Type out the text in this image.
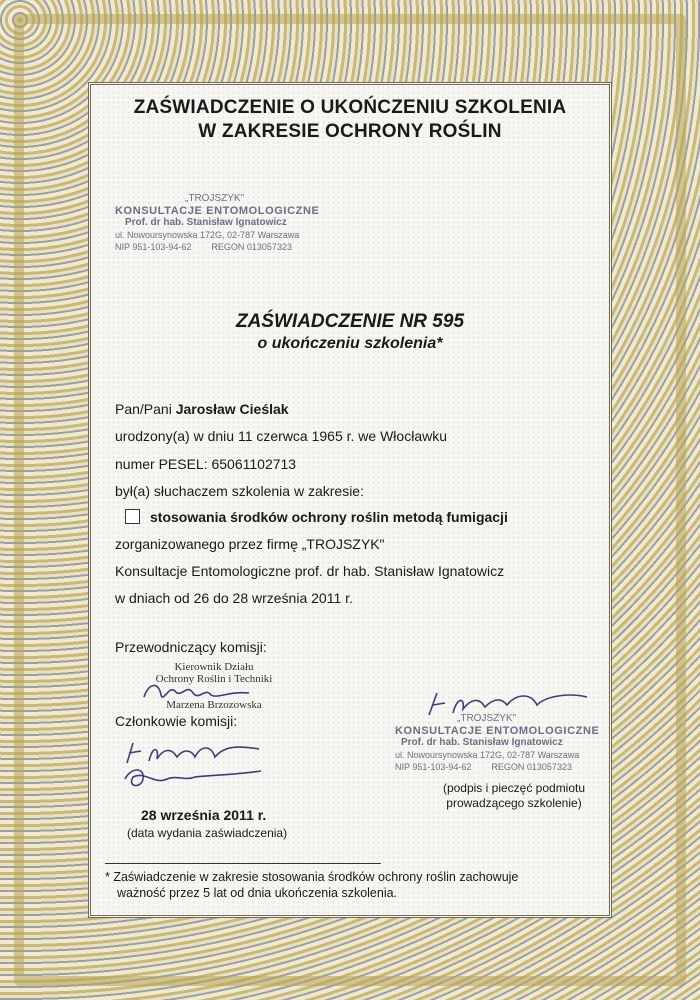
ZAŚWIADCZENIE O UKOŃCZENIU SZKOLENIA
W ZAKRESIE OCHRONY ROŚLIN
„TROJSZYK"
KONSULTACJE ENTOMOLOGICZNE
Prof. dr hab. Stanisław Ignatowicz
ul. Nowoursynowska 172G, 02-787 Warszawa
NIP 951-103-94-62 REGON 013057323
ZAŚWIADCZENIE NR 595
o ukończeniu szkolenia*
Pan/Pani Jarosław Cieślak
urodzony(a) w dniu 11 czerwca 1965 r. we Włocławku
numer PESEL: 65061102713
był(a) słuchaczem szkolenia w zakresie:
stosowania środków ochrony roślin metodą fumigacji
zorganizowanego przez firmę „TROJSZYK"
Konsultacje Entomologiczne prof. dr hab. Stanisław Ignatowicz
w dniach od 26 do 28 września 2011 r.
Przewodniczący komisji:
Kierownik Działu
Ochrony Roślin i Techniki
Marzena Brzozowska
Członkowie komisji:
28 września 2011 r.
(data wydania zaświadczenia)
„TROJSZYK"
KONSULTACJE ENTOMOLOGICZNE
Prof. dr hab. Stanisław Ignatowicz
ul. Nowoursynowska 172G, 02-787 Warszawa
NIP 951-103-94-62 REGON 013057323
(podpis i pieczęć podmiotu
prowadzącego szkolenie)
* Zaświadczenie w zakresie stosowania środków ochrony roślin zachowuje
ważność przez 5 lat od dnia ukończenia szkolenia.
